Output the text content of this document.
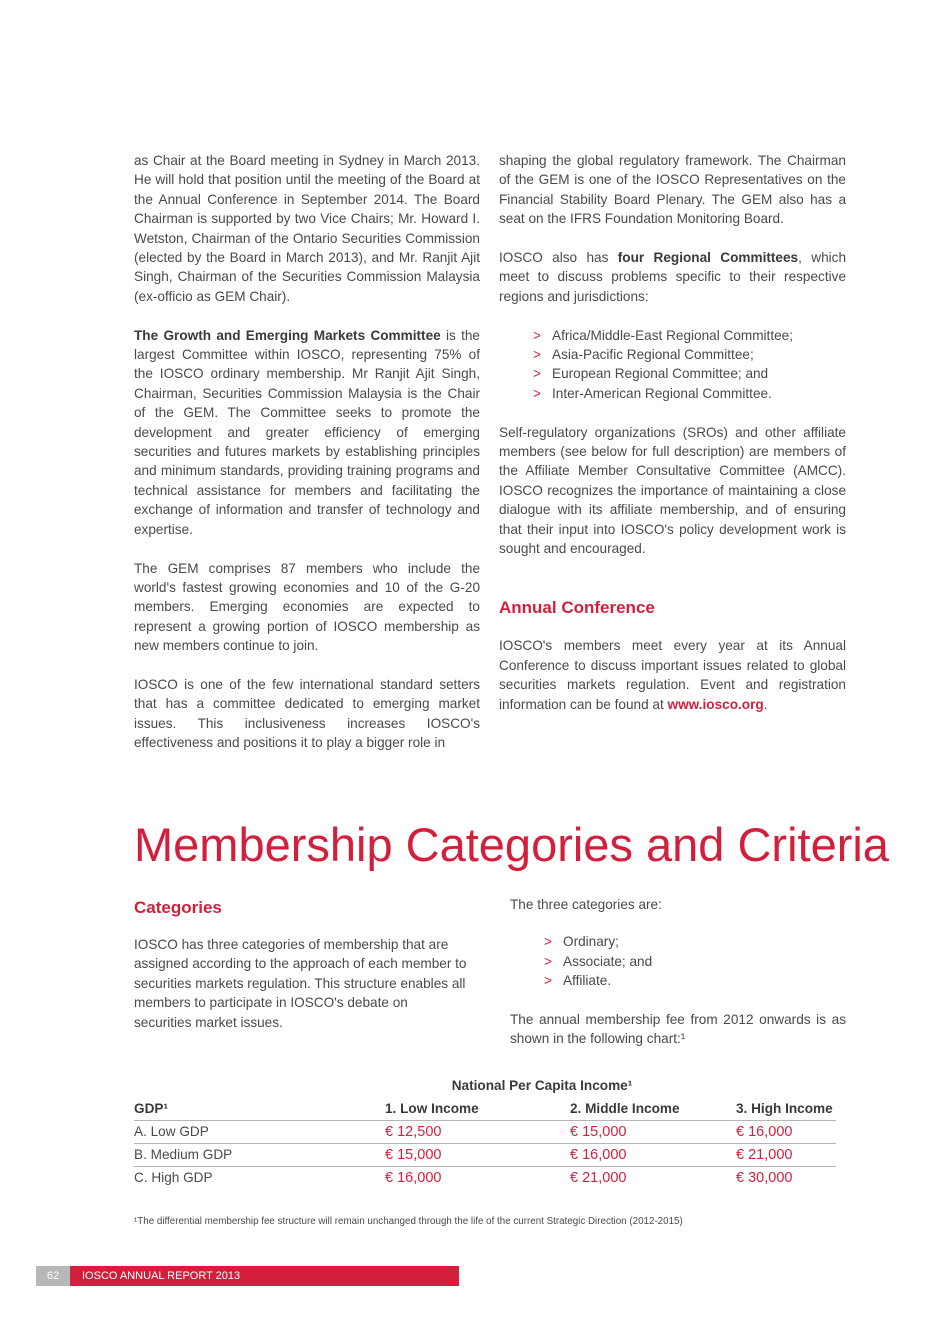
as Chair at the Board meeting in Sydney in March 2013. He will hold that position until the meeting of the Board at the Annual Conference in September 2014. The Board Chairman is supported by two Vice Chairs; Mr. Howard I. Wetston, Chairman of the Ontario Securities Commission (elected by the Board in March 2013), and Mr. Ranjit Ajit Singh, Chairman of the Securities Commission Malaysia (ex-officio as GEM Chair).

The Growth and Emerging Markets Committee is the largest Committee within IOSCO, representing 75% of the IOSCO ordinary membership. Mr Ranjit Ajit Singh, Chairman, Securities Commission Malaysia is the Chair of the GEM. The Committee seeks to promote the development and greater efficiency of emerging securities and futures markets by establishing principles and minimum standards, providing training programs and technical assistance for members and facilitating the exchange of information and transfer of technology and expertise.

The GEM comprises 87 members who include the world's fastest growing economies and 10 of the G-20 members. Emerging economies are expected to represent a growing portion of IOSCO membership as new members continue to join.

IOSCO is one of the few international standard setters that has a committee dedicated to emerging market issues. This inclusiveness increases IOSCO's effectiveness and positions it to play a bigger role in

shaping the global regulatory framework. The Chairman of the GEM is one of the IOSCO Representatives on the Financial Stability Board Plenary. The GEM also has a seat on the IFRS Foundation Monitoring Board.

IOSCO also has four Regional Committees, which meet to discuss problems specific to their respective regions and jurisdictions:

> Africa/Middle-East Regional Committee;
> Asia-Pacific Regional Committee;
> European Regional Committee; and
> Inter-American Regional Committee.

Self-regulatory organizations (SROs) and other affiliate members (see below for full description) are members of the Affiliate Member Consultative Committee (AMCC). IOSCO recognizes the importance of maintaining a close dialogue with its affiliate membership, and of ensuring that their input into IOSCO's policy development work is sought and encouraged.

Annual Conference

IOSCO's members meet every year at its Annual Conference to discuss important issues related to global securities markets regulation. Event and registration information can be found at www.iosco.org.

Membership Categories and Criteria
Categories

IOSCO has three categories of membership that are assigned according to the approach of each member to securities markets regulation. This structure enables all members to participate in IOSCO's debate on securities market issues.

The three categories are:

> Ordinary;
> Associate; and
> Affiliate.

The annual membership fee from 2012 onwards is as shown in the following chart:¹

National Per Capita Income¹
GDP¹	1. Low Income	2. Middle Income	3. High Income
A. Low GDP	€ 12,500	€ 15,000	€ 16,000
B. Medium GDP	€ 15,000	€ 16,000	€ 21,000
C. High GDP	€ 16,000	€ 21,000	€ 30,000
¹The differential membership fee structure will remain unchanged through the life of the current Strategic Direction (2012-2015)
62	IOSCO ANNUAL REPORT 2013
